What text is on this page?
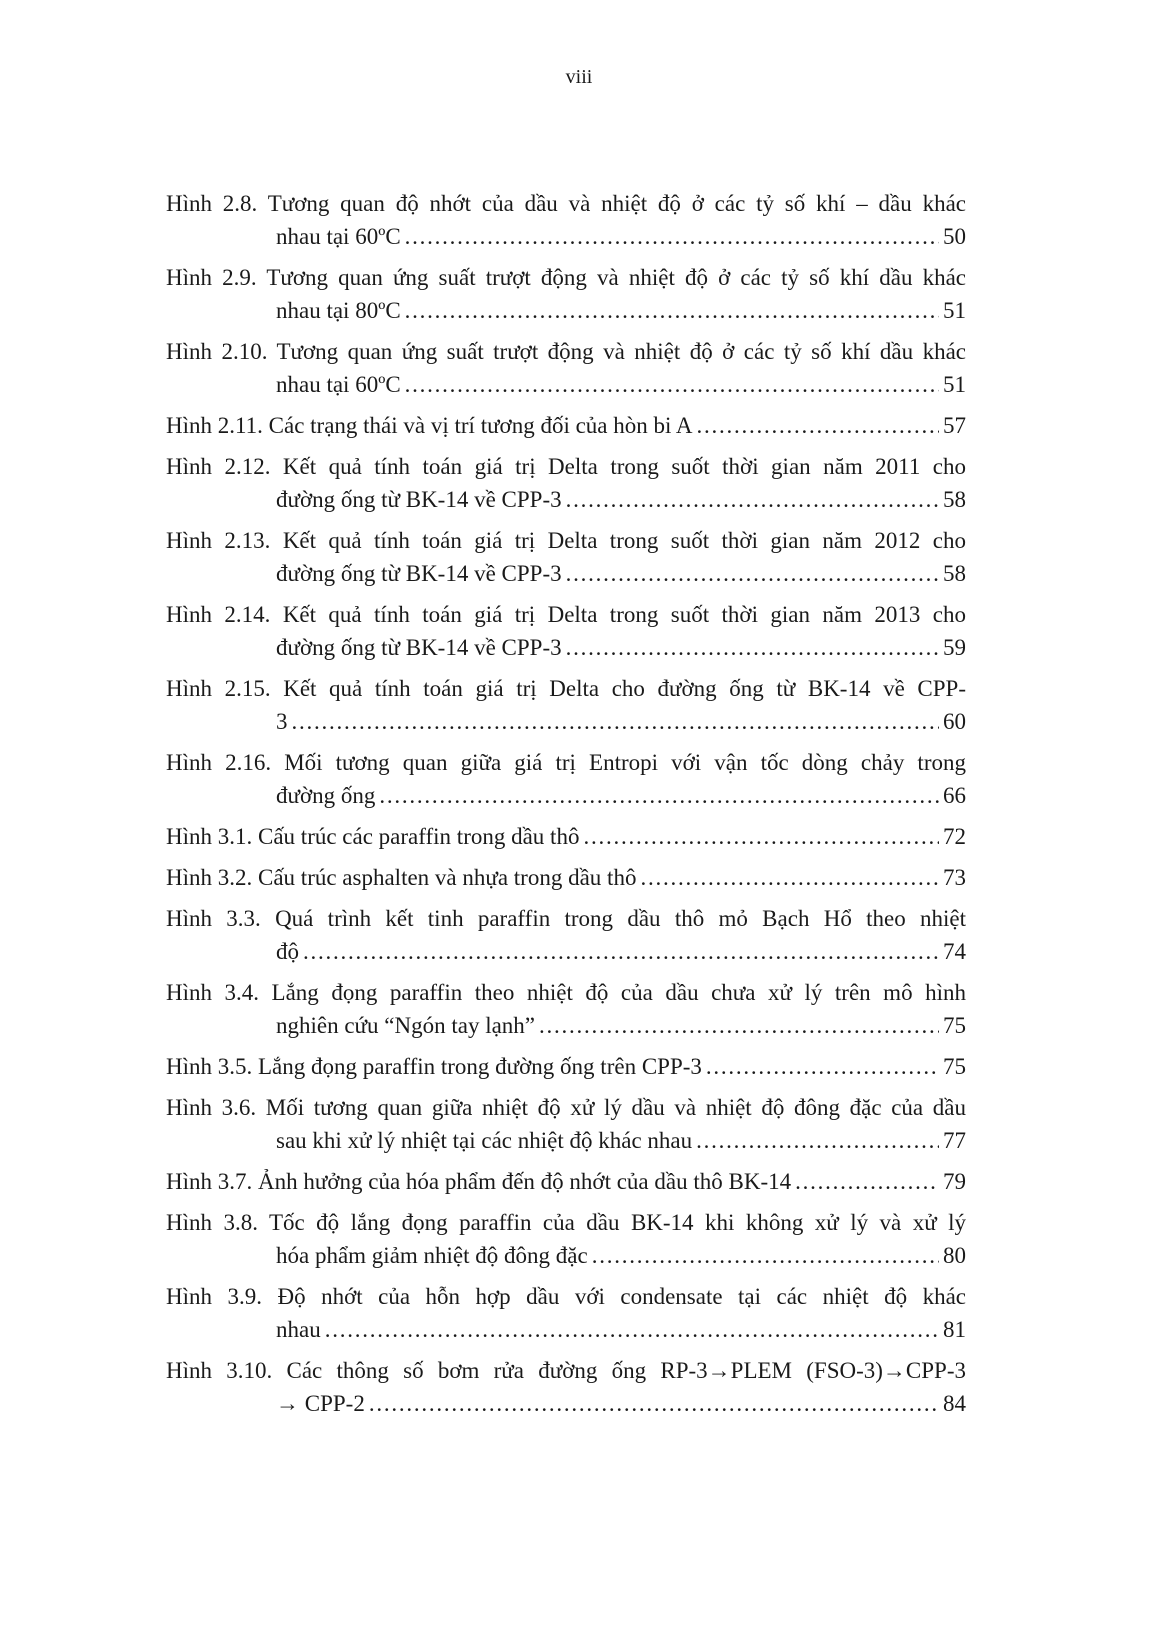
viii
Hình 2.8. Tương quan độ nhớt của dầu và nhiệt độ ở các tỷ số khí – dầu khác
nhau tại 60ºC . . .	50
Hình 2.9. Tương quan ứng suất trượt động và nhiệt độ ở các tỷ số khí dầu khác
nhau tại 80ºC . . .	51
Hình 2.10. Tương quan ứng suất trượt động và nhiệt độ ở các tỷ số khí dầu khác
nhau tại 60ºC . . .	51
Hình 2.11. Các trạng thái và vị trí tương đối của hòn bi A . . .	57
Hình 2.12. Kết quả tính toán giá trị Delta trong suốt thời gian năm 2011 cho
đường ống từ BK-14 về CPP-3 . . .	58
Hình 2.13. Kết quả tính toán giá trị Delta trong suốt thời gian năm 2012 cho
đường ống từ BK-14 về CPP-3 . . .	58
Hình 2.14. Kết quả tính toán giá trị Delta trong suốt thời gian năm 2013 cho
đường ống từ BK-14 về CPP-3 . . .	59
Hình 2.15. Kết quả tính toán giá trị Delta cho đường ống từ BK-14 về CPP-
3 . . .	60
Hình 2.16. Mối tương quan giữa giá trị Entropi với vận tốc dòng chảy trong
đường ống . . .	66
Hình 3.1. Cấu trúc các paraffin trong dầu thô . . .	72
Hình 3.2. Cấu trúc asphalten và nhựa trong dầu thô . . .	73
Hình 3.3. Quá trình kết tinh paraffin trong dầu thô mỏ Bạch Hổ theo nhiệt
độ . . .	74
Hình 3.4. Lắng đọng paraffin theo nhiệt độ của dầu chưa xử lý trên mô hình
nghiên cứu “Ngón tay lạnh” . . .	75
Hình 3.5. Lắng đọng paraffin trong đường ống trên CPP-3 . . .	75
Hình 3.6. Mối tương quan giữa nhiệt độ xử lý dầu và nhiệt độ đông đặc của dầu
sau khi xử lý nhiệt tại các nhiệt độ khác nhau . . .	77
Hình 3.7. Ảnh hưởng của hóa phẩm đến độ nhớt của dầu thô BK-14 . . .	79
Hình 3.8. Tốc độ lắng đọng paraffin của dầu BK-14 khi không xử lý và xử lý
hóa phẩm giảm nhiệt độ đông đặc . . .	80
Hình 3.9. Độ nhớt của hỗn hợp dầu với condensate tại các nhiệt độ khác
nhau . . .	81
Hình 3.10. Các thông số bơm rửa đường ống RP-3→PLEM (FSO-3)→CPP-3
→ CPP-2 . . .	84
